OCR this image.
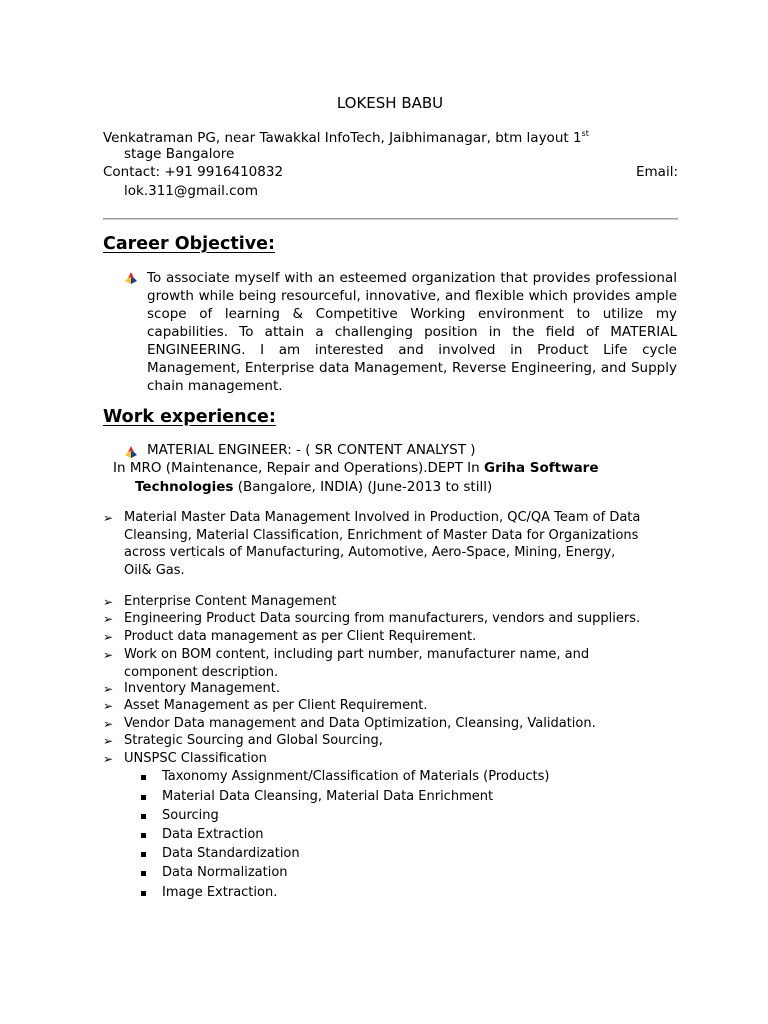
LOKESH BABU
Venkatraman PG, near Tawakkal InfoTech, Jaibhimanagar, btm layout 1st
stage Bangalore
Contact: +91 9916410832	Email:
lok.311@gmail.com
Career Objective:

To associate myself with an esteemed organization that provides professional growth while being resourceful, innovative, and flexible which provides ample scope of learning & Competitive Working environment to utilize my capabilities. To attain a challenging position in the field of MATERIAL ENGINEERING. I am interested and involved in Product Life cycle Management, Enterprise data Management, Reverse Engineering, and Supply chain management.

Work experience:
MATERIAL ENGINEER: - ( SR CONTENT ANALYST )
In MRO (Maintenance, Repair and Operations).DEPT In Griha Software
Technologies (Bangalore, INDIA) (June-2013 to still)
➢ Material Master Data Management Involved in Production, QC/QA Team of Data
Cleansing, Material Classification, Enrichment of Master Data for Organizations
across verticals of Manufacturing, Automotive, Aero-Space, Mining, Energy,
Oil& Gas.
➢ Enterprise Content Management
➢ Engineering Product Data sourcing from manufacturers, vendors and suppliers.
➢ Product data management as per Client Requirement.
➢ Work on BOM content, including part number, manufacturer name, and
component description.
➢ Inventory Management.
➢ Asset Management as per Client Requirement.
➢ Vendor Data management and Data Optimization, Cleansing, Validation.
➢ Strategic Sourcing and Global Sourcing,
➢ UNSPSC Classification
Taxonomy Assignment/Classification of Materials (Products)
Material Data Cleansing, Material Data Enrichment
Sourcing
Data Extraction
Data Standardization
Data Normalization
Image Extraction.
